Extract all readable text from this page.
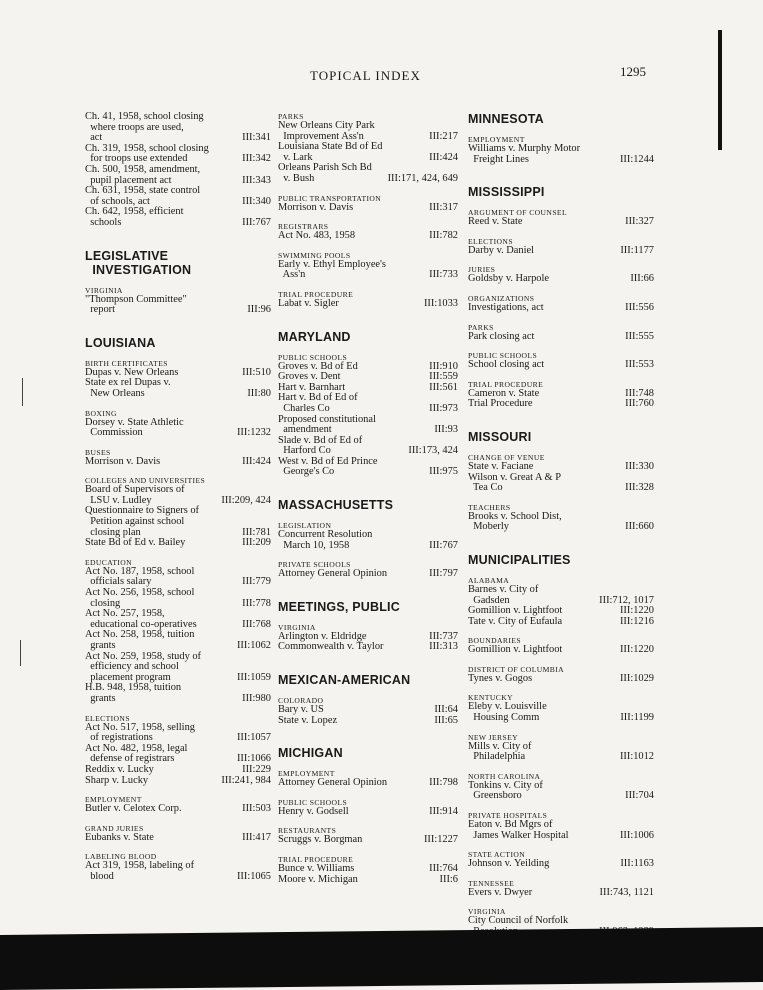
TOPICAL INDEX	1295
Ch. 41, 1958, school closing
where troops are used,
act	III:341
Ch. 319, 1958, school closing
for troops use extended	III:342
Ch. 500, 1958, amendment,
pupil placement act	III:343
Ch. 631, 1958, state control
of schools, act	III:340
Ch. 642, 1958, efficient
schools	III:767
LEGISLATIVE
INVESTIGATION
VIRGINIA
"Thompson Committee"
report	III:96
LOUISIANA
BIRTH CERTIFICATES
Dupas v. New Orleans	III:510
State ex rel Dupas v.
New Orleans	III:80
BOXING
Dorsey v. State Athletic
Commission	III:1232
BUSES
Morrison v. Davis	III:424
COLLEGES AND UNIVERSITIES
Board of Supervisors of
LSU v. Ludley	III:209, 424
Questionnaire to Signers of
Petition against school
closing plan	III:781
State Bd of Ed v. Bailey	III:209
EDUCATION
Act No. 187, 1958, school
officials salary	III:779
Act No. 256, 1958, school
closing	III:778
Act No. 257, 1958,
educational co-operatives	III:768
Act No. 258, 1958, tuition
grants	III:1062
Act No. 259, 1958, study of
efficiency and school
placement program	III:1059
H.B. 948, 1958, tuition
grants	III:980
ELECTIONS
Act No. 517, 1958, selling
of registrations	III:1057
Act No. 482, 1958, legal
defense of registrars	III:1066
Reddix v. Lucky	III:229
Sharp v. Lucky	III:241, 984
EMPLOYMENT
Butler v. Celotex Corp.	III:503
GRAND JURIES
Eubanks v. State	III:417
LABELING BLOOD
Act 319, 1958, labeling of
blood	III:1065
PARKS
New Orleans City Park
Improvement Ass'n	III:217
Louisiana State Bd of Ed
v. Lark	III:424
Orleans Parish Sch Bd
v. Bush	III:171, 424, 649
PUBLIC TRANSPORTATION
Morrison v. Davis	III:317
REGISTRARS
Act No. 483, 1958	III:782
SWIMMING POOLS
Early v. Ethyl Employee's
Ass'n	III:733
TRIAL PROCEDURE
Labat v. Sigler	III:1033
MARYLAND
PUBLIC SCHOOLS
Groves v. Bd of Ed	III:910
Groves v. Dent	III:559
Hart v. Barnhart	III:561
Hart v. Bd of Ed of
Charles Co	III:973
Proposed constitutional
amendment	III:93
Slade v. Bd of Ed of
Harford Co	III:173, 424
West v. Bd of Ed Prince
George's Co	III:975
MASSACHUSETTS
LEGISLATION
Concurrent Resolution
March 10, 1958	III:767
PRIVATE SCHOOLS
Attorney General Opinion	III:797
MEETINGS, PUBLIC
VIRGINIA
Arlington v. Eldridge	III:737
Commonwealth v. Taylor	III:313
MEXICAN-AMERICAN
COLORADO
Bary v. US	III:64
State v. Lopez	III:65
MICHIGAN
EMPLOYMENT
Attorney General Opinion	III:798
PUBLIC SCHOOLS
Henry v. Godsell	III:914
RESTAURANTS
Scruggs v. Borgman	III:1227
TRIAL PROCEDURE
Bunce v. Williams	III:764
Moore v. Michigan	III:6
MINNESOTA
EMPLOYMENT
Williams v. Murphy Motor
Freight Lines	III:1244
MISSISSIPPI
ARGUMENT OF COUNSEL
Reed v. State	III:327
ELECTIONS
Darby v. Daniel	III:1177
JURIES
Goldsby v. Harpole	III:66
ORGANIZATIONS
Investigations, act	III:556
PARKS
Park closing act	III:555
PUBLIC SCHOOLS
School closing act	III:553
TRIAL PROCEDURE
Cameron v. State	III:748
Trial Procedure	III:760
MISSOURI
CHANGE OF VENUE
State v. Faciane	III:330
Wilson v. Great A & P
Tea Co	III:328
TEACHERS
Brooks v. School Dist,
Moberly	III:660
MUNICIPALITIES
ALABAMA
Barnes v. City of
Gadsden	III:712, 1017
Gomillion v. Lightfoot	III:1220
Tate v. City of Eufaula	III:1216
BOUNDARIES
Gomillion v. Lightfoot	III:1220
DISTRICT OF COLUMBIA
Tynes v. Gogos	III:1029
KENTUCKY
Eleby v. Louisville
Housing Comm	III:1199
NEW JERSEY
Mills v. City of
Philadelphia	III:1012
NORTH CAROLINA
Tonkins v. City of
Greensboro	III:704
PRIVATE HOSPITALS
Eaton v. Bd Mgrs of
James Walker Hospital	III:1006
STATE ACTION
Johnson v. Yeilding	III:1163
TENNESSEE
Evers v. Dwyer	III:743, 1121
VIRGINIA
City Council of Norfolk
